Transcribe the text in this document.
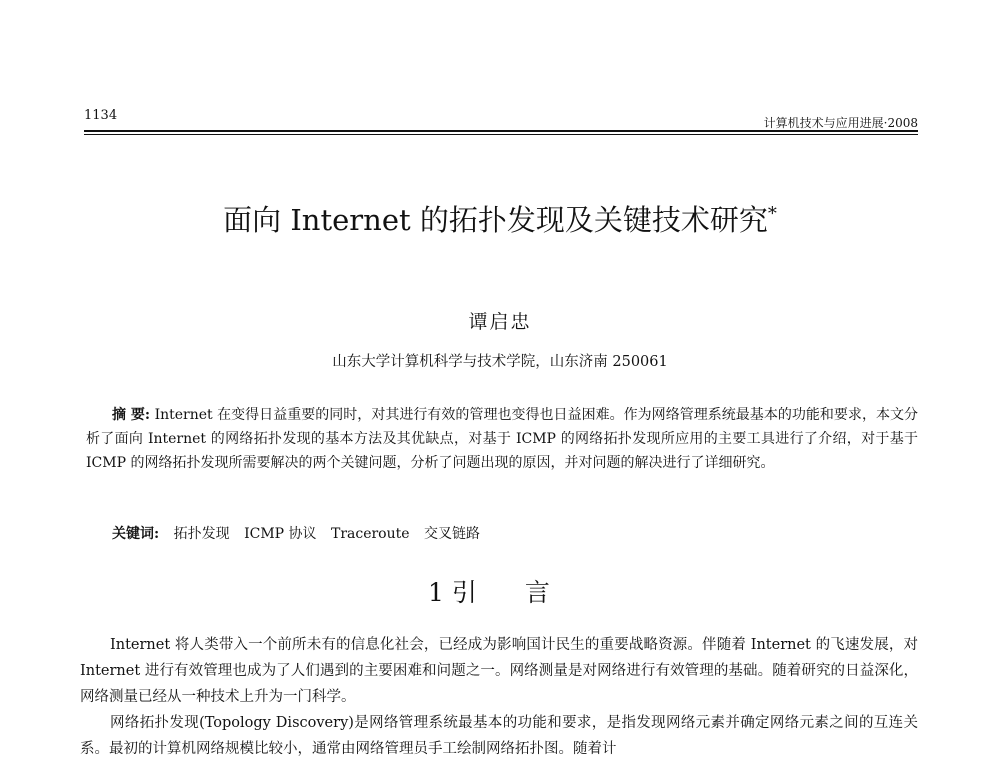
1134	计算机技术与应用进展·2008
面向 Internet 的拓扑发现及关键技术研究*
谭启忠
山东大学计算机科学与技术学院，山东济南 250061
摘 要: Internet 在变得日益重要的同时，对其进行有效的管理也变得也日益困难。作为网络管理系统最基本的功能和要求，本文分析了面向 Internet 的网络拓扑发现的基本方法及其优缺点，对基于 ICMP 的网络拓扑发现所应用的主要工具进行了介绍，对于基于 ICMP 的网络拓扑发现所需要解决的两个关键问题，分析了问题出现的原因，并对问题的解决进行了详细研究。
关键词: 拓扑发现 ICMP 协议 Traceroute 交叉链路
1 引 言

Internet 将人类带入一个前所未有的信息化社会，已经成为影响国计民生的重要战略资源。伴随着 Internet 的飞速发展，对 Internet 进行有效管理也成为了人们遇到的主要困难和问题之一。网络测量是对网络进行有效管理的基础。随着研究的日益深化，网络测量已经从一种技术上升为一门科学。

网络拓扑发现(Topology Discovery)是网络管理系统最基本的功能和要求，是指发现网络元素并确定网络元素之间的互连关系。最初的计算机网络规模比较小，通常由网络管理员手工绘制网络拓扑图。随着计
